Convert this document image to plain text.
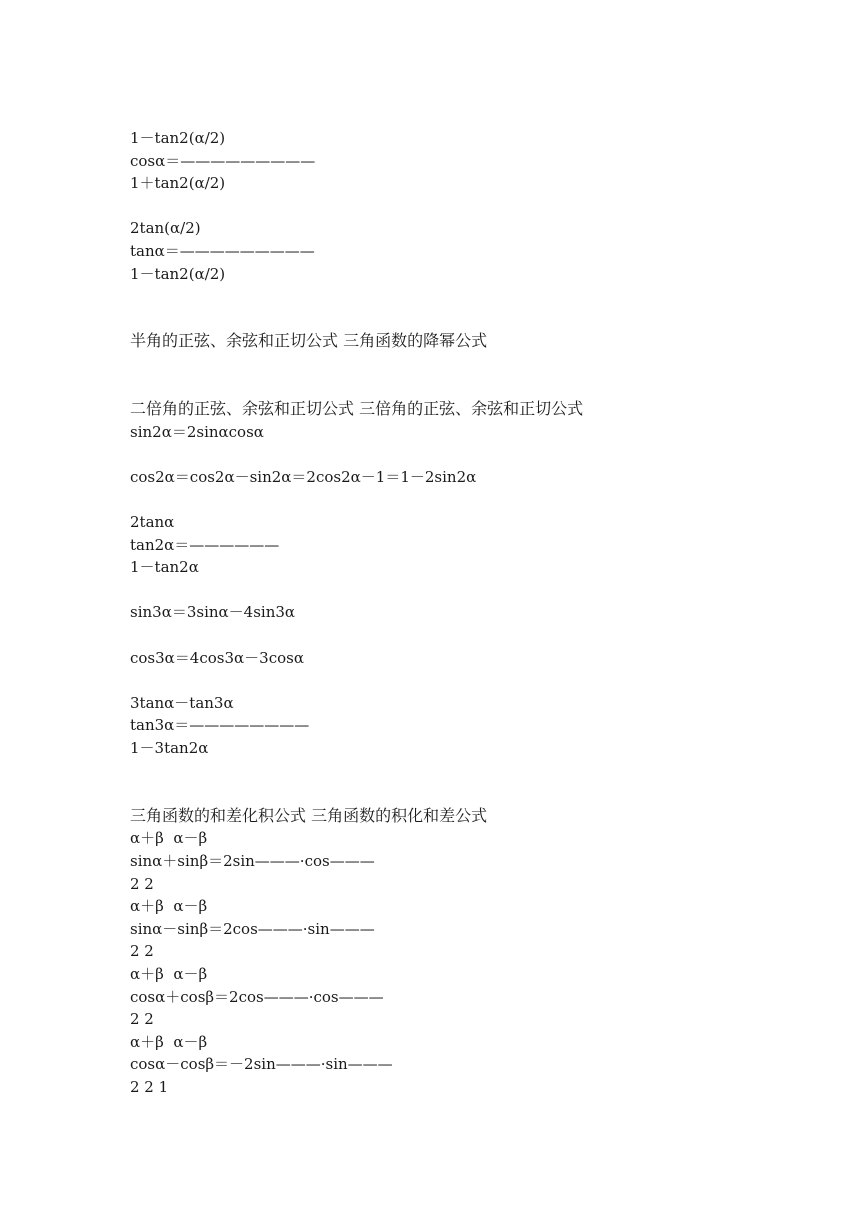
1－tan2(α/2)
cosα＝—————————
1＋tan2(α/2)
2tan(α/2)
tanα＝—————————
1－tan2(α/2)
半角的正弦、余弦和正切公式 三角函数的降幂公式
二倍角的正弦、余弦和正切公式 三倍角的正弦、余弦和正切公式
sin2α＝2sinαcosα
cos2α＝cos2α－sin2α＝2cos2α－1＝1－2sin2α
2tanα
tan2α＝——————
1－tan2α
sin3α＝3sinα－4sin3α
cos3α＝4cos3α－3cosα
3tanα－tan3α
tan3α＝————————
1－3tan2α
三角函数的和差化积公式 三角函数的积化和差公式
α＋β  α－β
sinα＋sinβ＝2sin———·cos———
2 2
α＋β  α－β
sinα－sinβ＝2cos———·sin———
2 2
α＋β  α－β
cosα＋cosβ＝2cos———·cos———
2 2
α＋β  α－β
cosα－cosβ＝－2sin———·sin———
2 2 1
